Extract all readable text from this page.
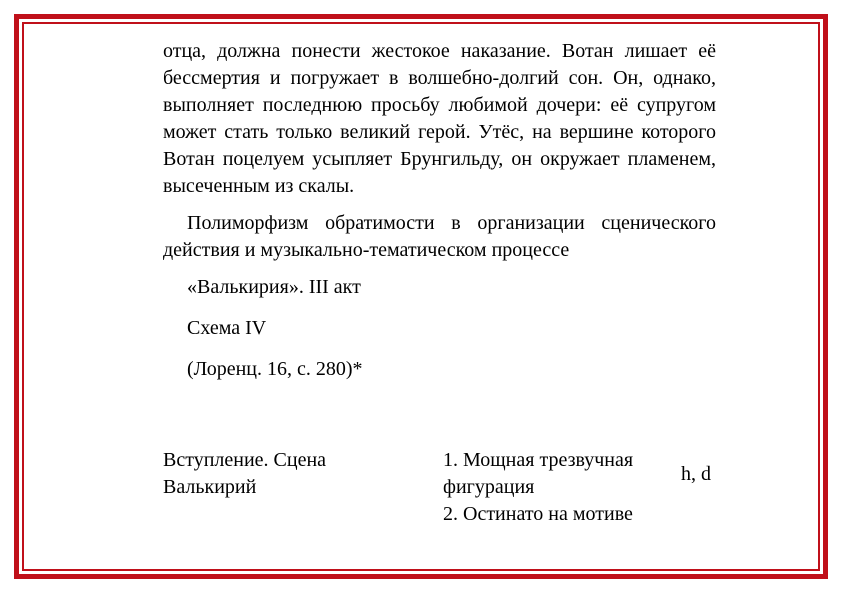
отца, должна понести жестокое наказание. Вотан лишает её бессмертия и погружает в волшебно-долгий сон. Он, однако, выполняет последнюю просьбу любимой дочери: её супругом может стать только великий герой. Утёс, на вершине которого Вотан поцелуем усыпляет Брунгильду, он окружает пламенем, высеченным из скалы.

Полиморфизм обратимости в организации сценического действия и музыкально-тематическом процессе

«Валькирия». III акт

Схема IV

(Лоренц. 16, с. 280)*

Вступление. Сцена Валькирий
1. Мощная трезвучная фигурация
2. Остинато на мотиве
h, d
